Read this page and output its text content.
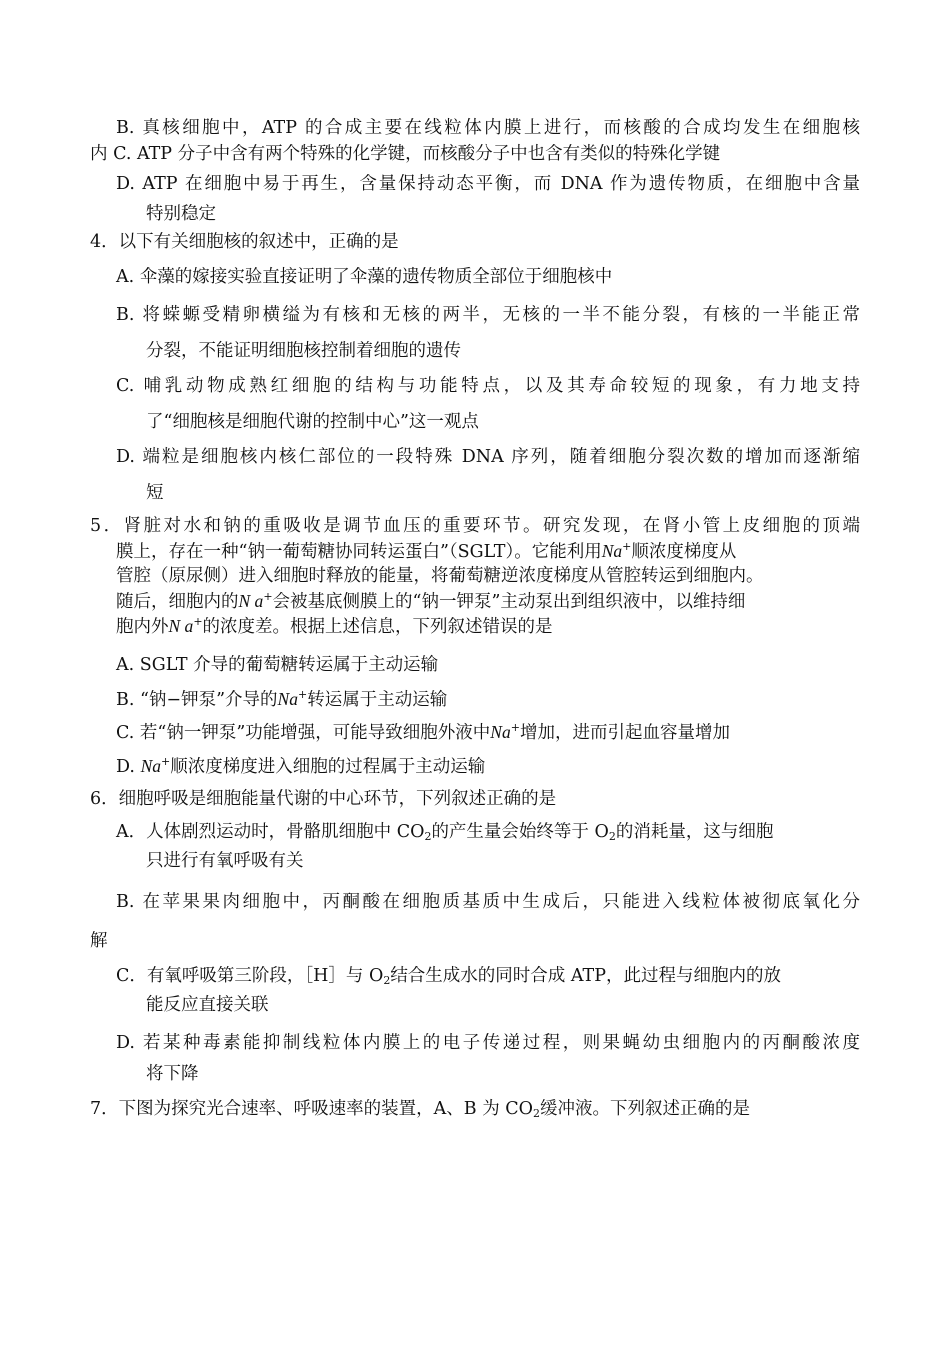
B. 真核细胞中，ATP 的合成主要在线粒体内膜上进行，而核酸的合成均发生在细胞核
内 C. ATP 分子中含有两个特殊的化学键，而核酸分子中也含有类似的特殊化学键
D. ATP 在细胞中易于再生，含量保持动态平衡，而 DNA 作为遗传物质，在细胞中含量
特别稳定
4．以下有关细胞核的叙述中，正确的是
A. 伞藻的嫁接实验直接证明了伞藻的遗传物质全部位于细胞核中
B. 将蝾螈受精卵横缢为有核和无核的两半，无核的一半不能分裂，有核的一半能正常
分裂，不能证明细胞核控制着细胞的遗传
C. 哺乳动物成熟红细胞的结构与功能特点，以及其寿命较短的现象，有力地支持
了“细胞核是细胞代谢的控制中心”这一观点
D. 端粒是细胞核内核仁部位的一段特殊 DNA 序列，随着细胞分裂次数的增加而逐渐缩
短
5．肾脏对水和钠的重吸收是调节血压的重要环节。研究发现，在肾小管上皮细胞的顶端
膜上，存在一种“钠一葡萄糖协同转运蛋白”（SGLT）。它能利用Na+顺浓度梯度从
管腔（原尿侧）进入细胞时释放的能量，将葡萄糖逆浓度梯度从管腔转运到细胞内。
随后，细胞内的N a+会被基底侧膜上的“钠一钾泵”主动泵出到组织液中，以维持细
胞内外N a+的浓度差。根据上述信息，下列叙述错误的是
A. SGLT 介导的葡萄糖转运属于主动运输
B. “钠−钾泵”介导的Na+转运属于主动运输
C. 若“钠一钾泵”功能增强，可能导致细胞外液中Na+增加，进而引起血容量增加
D. Na+顺浓度梯度进入细胞的过程属于主动运输
6．细胞呼吸是细胞能量代谢的中心环节，下列叙述正确的是
A．人体剧烈运动时，骨骼肌细胞中 $CO_2$的产生量会始终等于 $O_2$的消耗量，这与细胞
只进行有氧呼吸有关
B. 在苹果果肉细胞中，丙酮酸在细胞质基质中生成后，只能进入线粒体被彻底氧化分
解
C．有氧呼吸第三阶段，［H］与 $O_2$结合生成水的同时合成 ATP，此过程与细胞内的放
能反应直接关联
D. 若某种毒素能抑制线粒体内膜上的电子传递过程，则果蝇幼虫细胞内的丙酮酸浓度
将下降
7．下图为探究光合速率、呼吸速率的装置，A、B 为 $CO_2$缓冲液。下列叙述正确的是
